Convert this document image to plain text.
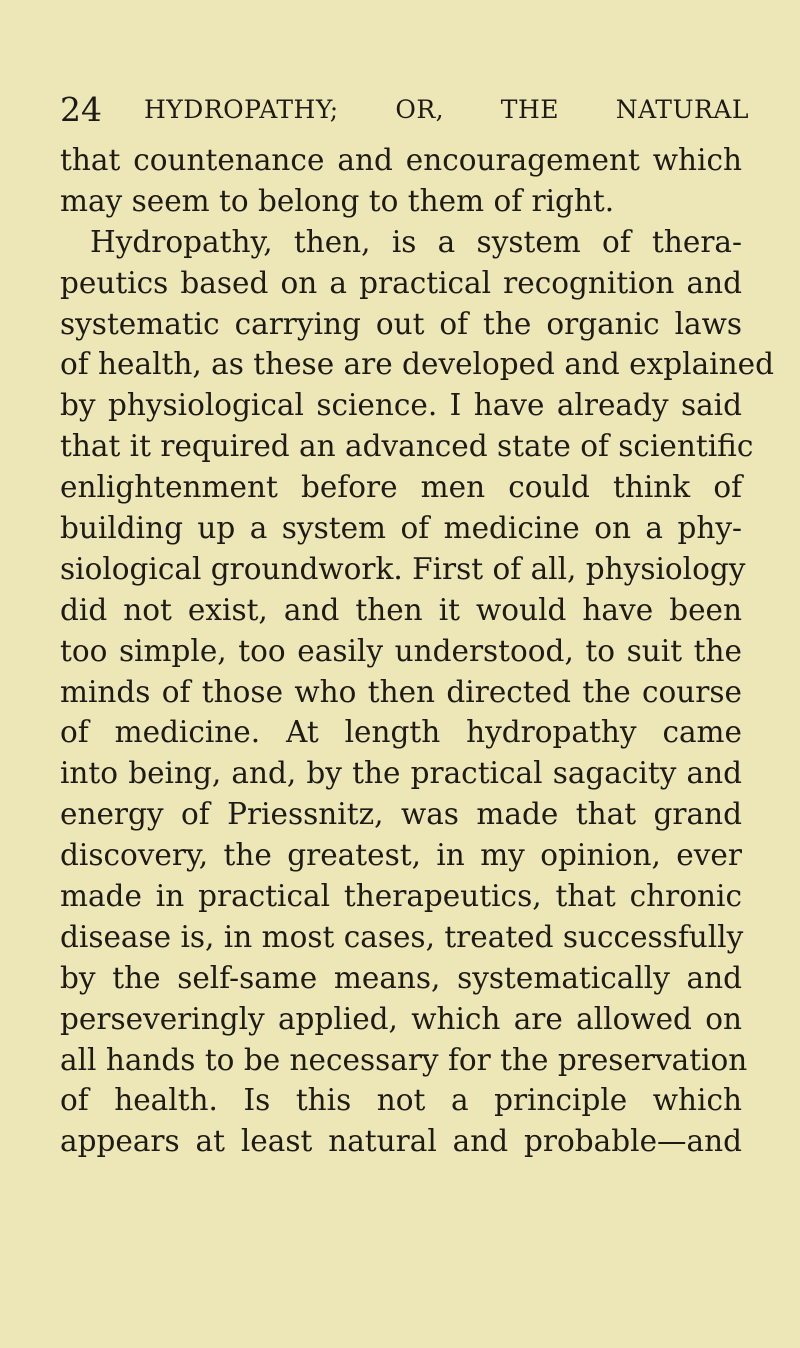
24 HYDROPATHY; OR, THE NATURAL
that countenance and encouragement which
may seem to belong to them of right.
Hydropathy, then, is a system of thera-
peutics based on a practical recognition and
systematic carrying out of the organic laws
of health, as these are developed and explained
by physiological science. I have already said
that it required an advanced state of scientific
enlightenment before men could think of
building up a system of medicine on a phy-
siological groundwork. First of all, physiology
did not exist, and then it would have been
too simple, too easily understood, to suit the
minds of those who then directed the course
of medicine. At length hydropathy came
into being, and, by the practical sagacity and
energy of Priessnitz, was made that grand
discovery, the greatest, in my opinion, ever
made in practical therapeutics, that chronic
disease is, in most cases, treated successfully
by the self-same means, systematically and
perseveringly applied, which are allowed on
all hands to be necessary for the preservation
of health. Is this not a principle which
appears at least natural and probable—and
